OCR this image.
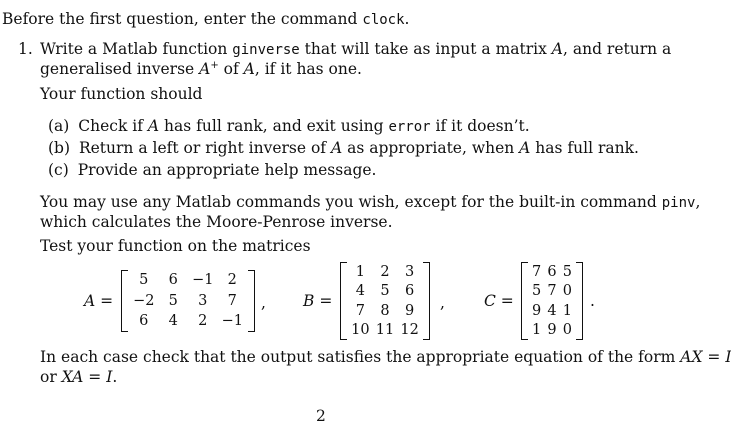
Before the first question, enter the command clock.
1. Write a Matlab function ginverse that will take as input a matrix A, and return a
generalised inverse A+ of A, if it has one.
Your function should
(a) Check if A has full rank, and exit using error if it doesn’t.
(b) Return a left or right inverse of A as appropriate, when A has full rank.
(c) Provide an appropriate help message.
You may use any Matlab commands you wish, except for the built-in command pinv,
which calculates the Moore-Penrose inverse.
Test your function on the matrices
A =
5	6 −1 2
−2 5	3	7
6	4	2 −1
, B =
1	2	3
4	5	6
7	8	9
10 11 12
,	C =
7 6 5
5 7 0
9 4 1
1 9 0
.
In each case check that the output satisfies the appropriate equation of the form AX = I
or XA = I.
2
